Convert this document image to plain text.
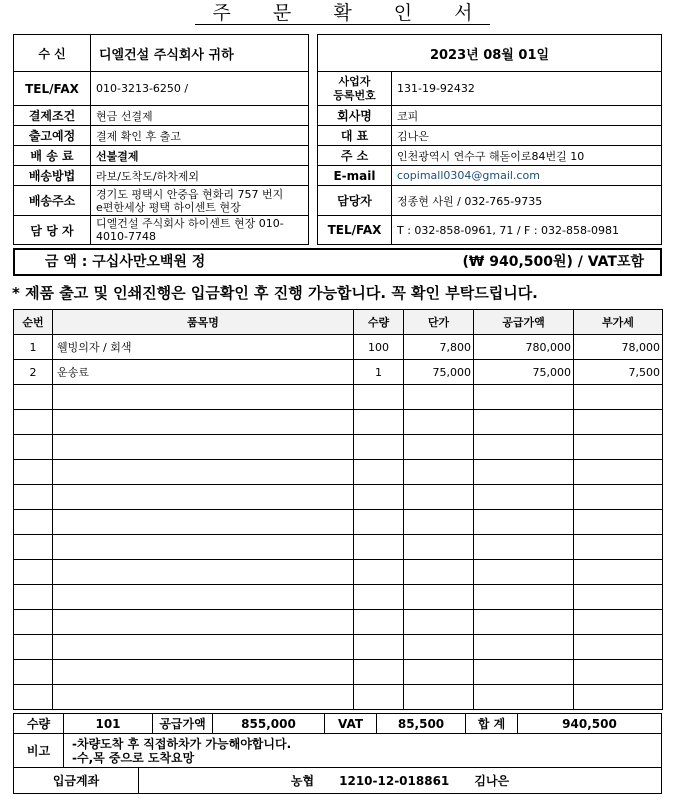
주 문 확 인 서
수 신	디엘건설 주식회사 귀하
TEL/FAX	010-3213-6250 /
결제조건	현금 선결제
출고예정	결제 확인 후 출고
배 송 료	선불결제
배송방법	라보/도착도/하차제외
배송주소	경기도 평택시 안중읍 현화리 757 번지
e편한세상 평택 하이센트 현장

담 당 자	디엘건설 주식회사 하이센트 현장 010-
4010-7748
2023년 08월 01일	

사업자
등록번호	131-19-92432
회사명	코피
대 표	김나은
주 소	인천광역시 연수구 해돋이로84번길 10
E-mail	copimall0304@gmail.com
담당자	정종현 사원 / 032-765-9735
TEL/FAX	T : 032-858-0961, 71 / F : 032-858-0981
금 액 : 구십사만오백원 정	(₩ 940,500원) / VAT포함
* 제품 출고 및 인쇄진행은 입금확인 후 진행 가능합니다. 꼭 확인 부탁드립니다.
순번	품목명	수량	단가	공급가액	부가세
1	웰빙의자 / 회색	100	7,800	780,000	78,000
2	운송료	1	75,000	75,000	7,500

수량	101	공급가액	855,000	VAT	85,500	합 계	940,500
비고	
-차량도착 후 직접하차가 가능해야합니다.
-수,목 중으로 도착요망
입금계좌	농협      1210-12-018861      김나은
